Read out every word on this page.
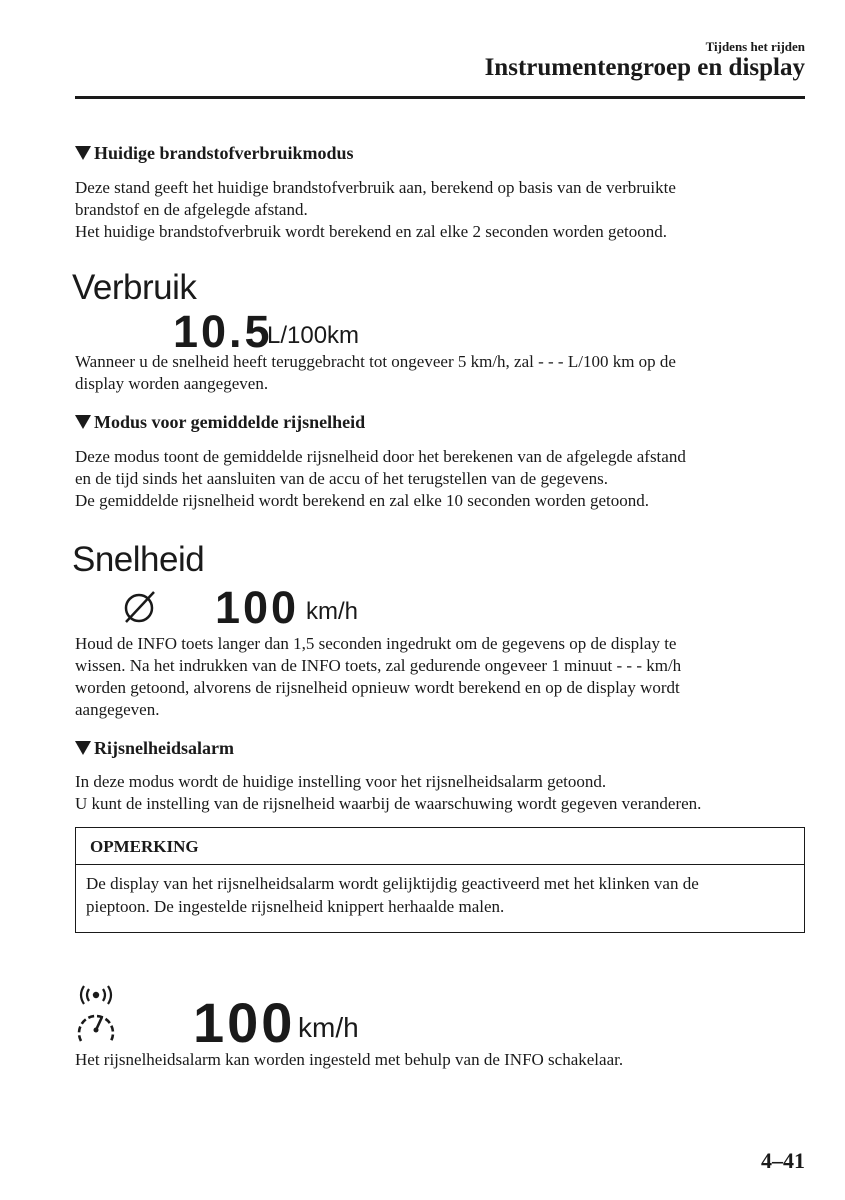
Tijdens het rijden
Instrumentengroep en display
Huidige brandstofverbruikmodus

Deze stand geeft het huidige brandstofverbruik aan, berekend op basis van de verbruikte

brandstof en de afgelegde afstand.

Het huidige brandstofverbruik wordt berekend en zal elke 2 seconden worden getoond.

Verbruik
10.5
L/100km

Wanneer u de snelheid heeft teruggebracht tot ongeveer 5 km/h, zal - - - L/100 km op de

display worden aangegeven.

Modus voor gemiddelde rijsnelheid

Deze modus toont de gemiddelde rijsnelheid door het berekenen van de afgelegde afstand

en de tijd sinds het aansluiten van de accu of het terugstellen van de gegevens.

De gemiddelde rijsnelheid wordt berekend en zal elke 10 seconden worden getoond.

Snelheid
100 km/h

Houd de INFO toets langer dan 1,5 seconden ingedrukt om de gegevens op de display te

wissen. Na het indrukken van de INFO toets, zal gedurende ongeveer 1 minuut - - - km/h

worden getoond, alvorens de rijsnelheid opnieuw wordt berekend en op de display wordt

aangegeven.

Rijsnelheidsalarm

In deze modus wordt de huidige instelling voor het rijsnelheidsalarm getoond.

U kunt de instelling van de rijsnelheid waarbij de waarschuwing wordt gegeven veranderen.

OPMERKING
De display van het rijsnelheidsalarm wordt gelijktijdig geactiveerd met het klinken van de
pieptoon. De ingestelde rijsnelheid knippert herhaalde malen.
100 km/h

Het rijsnelheidsalarm kan worden ingesteld met behulp van de INFO schakelaar.

4–41
